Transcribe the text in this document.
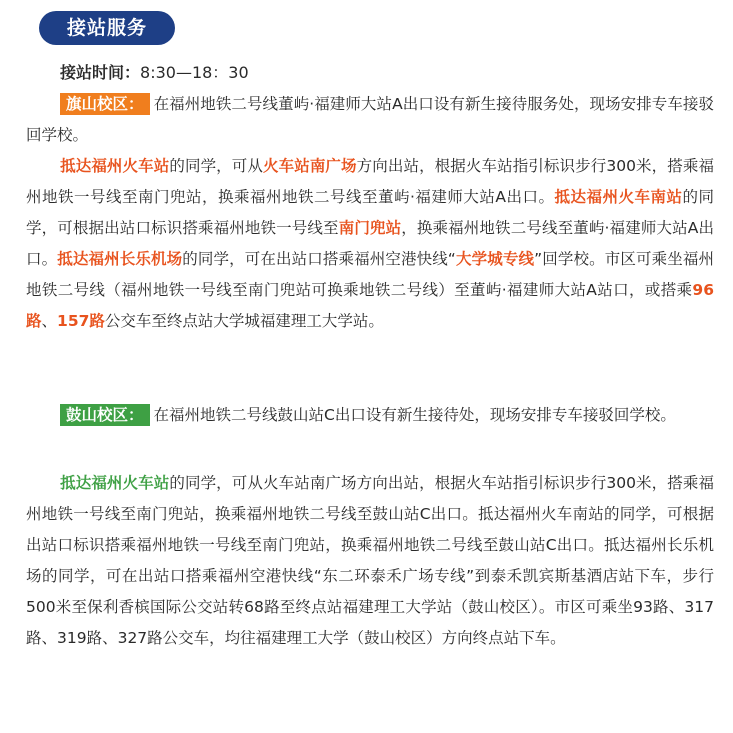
接站服务
接站时间：8:30—18：30
旗山校区： 在福州地铁二号线董屿·福建师大站A出口设有新生接待服务处，现场安排专车接驳回学校。
抵达福州火车站的同学，可从火车站南广场方向出站，根据火车站指引标识步行300米，搭乘福州地铁一号线至南门兜站，换乘福州地铁二号线至董屿·福建师大站A出口。抵达福州火车南站的同学，可根据出站口标识搭乘福州地铁一号线至南门兜站，换乘福州地铁二号线至董屿·福建师大站A出口。抵达福州长乐机场的同学，可在出站口搭乘福州空港快线“大学城专线”回学校。市区可乘坐福州地铁二号线（福州地铁一号线至南门兜站可换乘地铁二号线）至董屿·福建师大站A站口，或搭乘96路、157路公交车至终点站大学城福建理工大学站。
鼓山校区： 在福州地铁二号线鼓山站C出口设有新生接待处，现场安排专车接驳回学校。
抵达福州火车站的同学，可从火车站南广场方向出站，根据火车站指引标识步行300米，搭乘福州地铁一号线至南门兜站，换乘福州地铁二号线至鼓山站C出口。抵达福州火车南站的同学，可根据出站口标识搭乘福州地铁一号线至南门兜站，换乘福州地铁二号线至鼓山站C出口。抵达福州长乐机场的同学，可在出站口搭乘福州空港快线“东二环泰禾广场专线”到泰禾凯宾斯基酒店站下车，步行500米至保利香槟国际公交站转68路至终点站福建理工大学站（鼓山校区）。市区可乘坐93路、317路、319路、327路公交车，均往福建理工大学（鼓山校区）方向终点站下车。
